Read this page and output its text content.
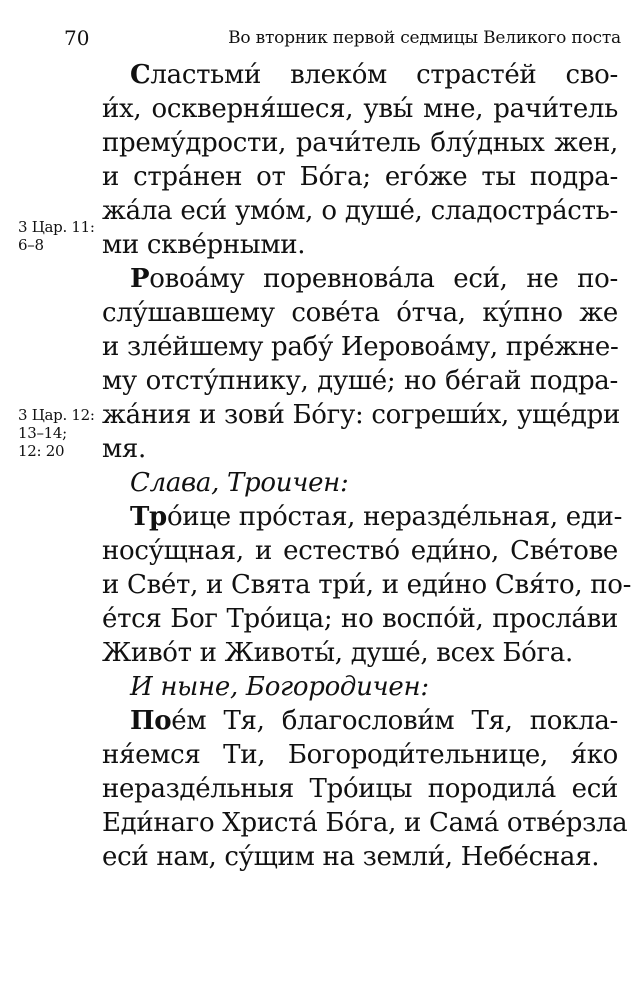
70	Во вторник первой седмицы Великого поста
3 Цар. 11:
6–8
3 Цар. 12:
13–14;
12: 20
Сластьми́ влеко́м страсте́й сво-
и́х, оскверня́шеся, увы́ мне, рачи́тель
прему́дрости, рачи́тель блу́дных жен,
и стра́нен от Бо́га; его́же ты подра-
жа́ла еси́ умо́м, о душе́, сладостра́сть-
ми скве́рными.
Ровоа́му поревнова́ла еси́, не по-
слу́шавшему сове́та о́тча, ку́пно же
и зле́йшему рабу́ Иеровоа́му, пре́жне-
му отсту́пнику, душе́; но бе́гай подра-
жа́ния и зови́ Бо́гу: согреши́х, уще́дри
мя.
Слава, Троичен:
Тро́ице про́стая, нераздéльная, еди-
носу́щная, и естество́ еди́но, Све́тове
и Све́т, и Свята три́, и еди́но Свя́то, по-
е́тся Бог Тро́ица; но воспо́й, просла́ви
Живо́т и Животы́, душе́, всех Бо́га.
И ныне, Богородичен:
Пое́м Тя, благослови́м Тя, покла-
ня́емся Ти, Богороди́тельнице, я́ко
нераздéльныя Тро́ицы породила́ еси́
Еди́наго Христа́ Бо́га, и Сама́ отве́рзла
еси́ нам, су́щим на земли́, Небе́сная.
